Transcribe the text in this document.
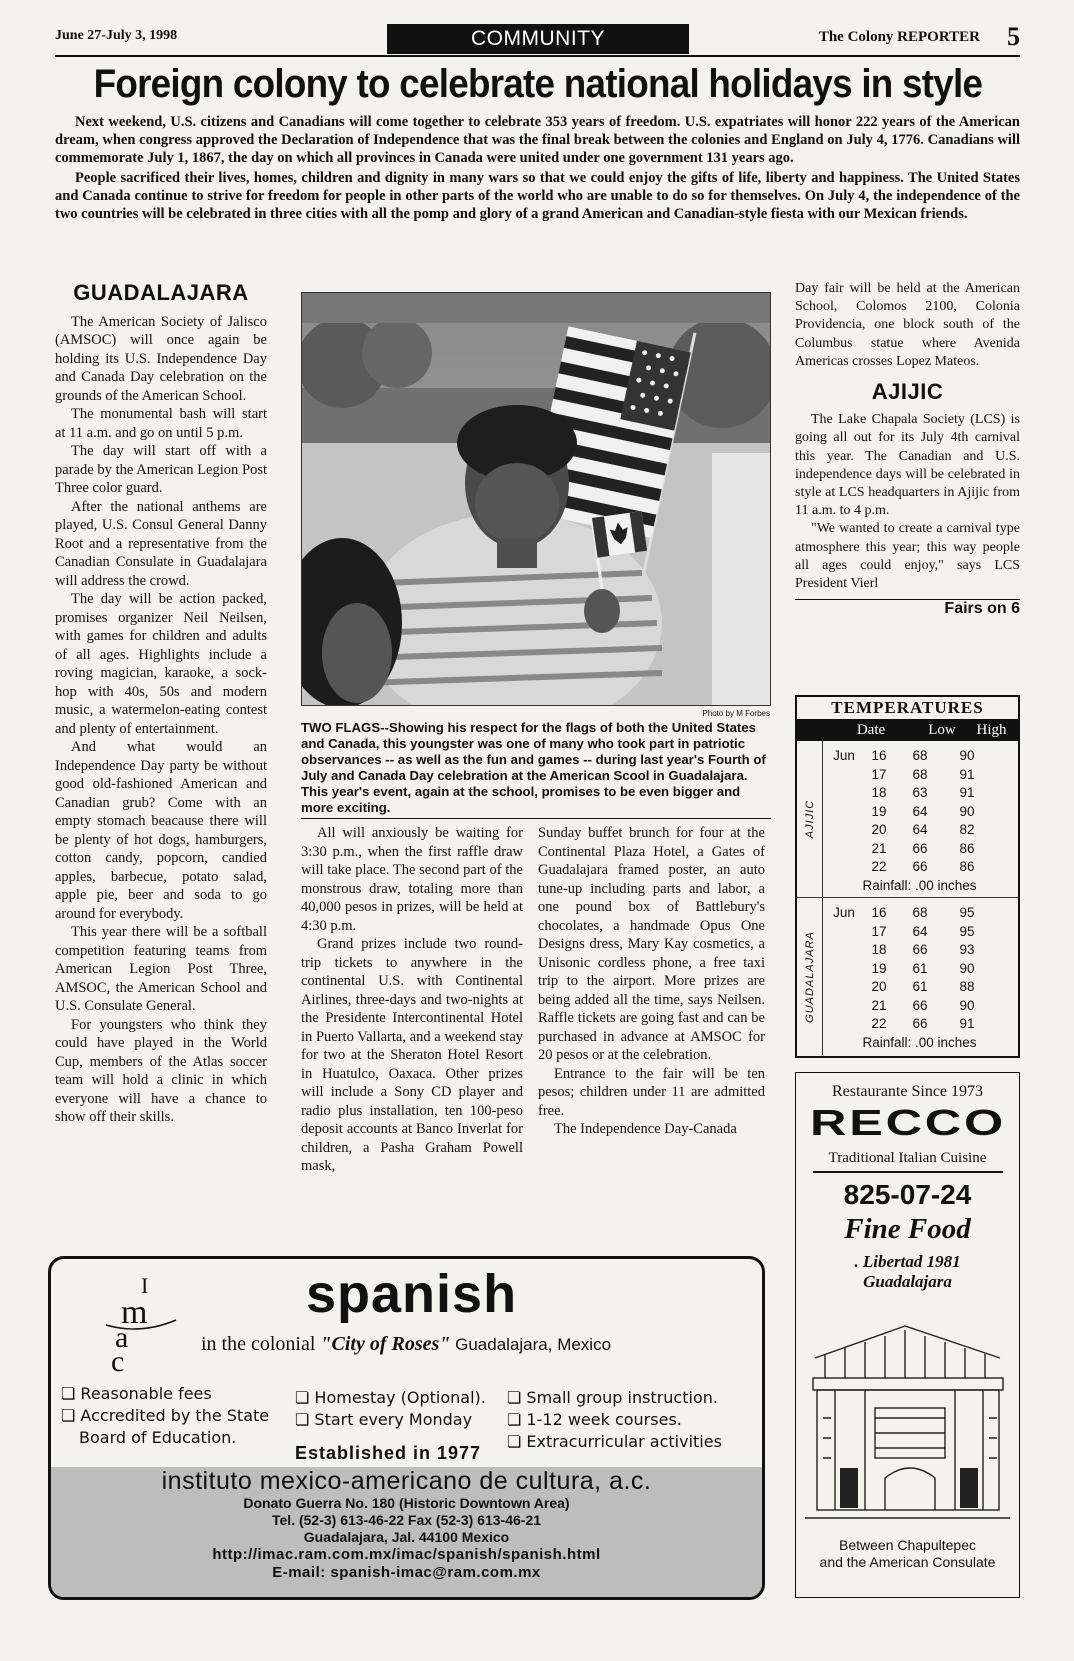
June 27-July 3, 1998	COMMUNITY	The Colony REPORTER 5
Foreign colony to celebrate national holidays in style

Next weekend, U.S. citizens and Canadians will come together to celebrate 353 years of freedom. U.S. expatriates will honor 222 years of the American dream, when congress approved the Declaration of Independence that was the final break between the colonies and England on July 4, 1776. Canadians will commemorate July 1, 1867, the day on which all provinces in Canada were united under one government 131 years ago.

People sacrificed their lives, homes, children and dignity in many wars so that we could enjoy the gifts of life, liberty and happiness. The United States and Canada continue to strive for freedom for people in other parts of the world who are unable to do so for themselves. On July 4, the independence of the two countries will be celebrated in three cities with all the pomp and glory of a grand American and Canadian-style fiesta with our Mexican friends.

GUADALAJARA

The American Society of Jalisco (AMSOC) will once again be holding its U.S. Independence Day and Canada Day celebration on the grounds of the American School.

The monumental bash will start at 11 a.m. and go on until 5 p.m.

The day will start off with a parade by the American Legion Post Three color guard.

After the national anthems are played, U.S. Consul General Danny Root and a representative from the Canadian Consulate in Guadalajara will address the crowd.

The day will be action packed, promises organizer Neil Neilsen, with games for children and adults of all ages. Highlights include a roving magician, karaoke, a sock-hop with 40s, 50s and modern music, a watermelon-eating contest and plenty of entertainment.

And what would an Independence Day party be without good old-fashioned American and Canadian grub? Come with an empty stomach beacause there will be plenty of hot dogs, hamburgers, cotton candy, popcorn, candied apples, barbecue, potato salad, apple pie, beer and soda to go around for everybody.

This year there will be a softball competition featuring teams from American Legion Post Three, AMSOC, the American School and U.S. Consulate General.

For youngsters who think they could have played in the World Cup, members of the Atlas soccer team will hold a clinic in which everyone will have a chance to show off their skills.

Photo by M Forbes
TWO FLAGS--Showing his respect for the flags of both the United States and Canada, this youngster was one of many who took part in patriotic observances -- as well as the fun and games -- during last year's Fourth of July and Canada Day celebration at the American Scool in Guadalajara. This year's event, again at the school, promises to be even bigger and more exciting.

All will anxiously be waiting for 3:30 p.m., when the first raffle draw will take place. The second part of the monstrous draw, totaling more than 40,000 pesos in prizes, will be held at 4:30 p.m.

Grand prizes include two round-trip tickets to anywhere in the continental U.S. with Continental Airlines, three-days and two-nights at the Presidente Intercontinental Hotel in Puerto Vallarta, and a weekend stay for two at the Sheraton Hotel Resort in Huatulco, Oaxaca. Other prizes will include a Sony CD player and radio plus installation, ten 100-peso deposit accounts at Banco Inverlat for children, a Pasha Graham Powell mask,

Sunday buffet brunch for four at the Continental Plaza Hotel, a Gates of Guadalajara framed poster, an auto tune-up including parts and labor, a one pound box of Battlebury's chocolates, a handmade Opus One Designs dress, Mary Kay cosmetics, a Unisonic cordless phone, a free taxi trip to the airport. More prizes are being added all the time, says Neilsen. Raffle tickets are going fast and can be purchased in advance at AMSOC for 20 pesos or at the celebration.

Entrance to the fair will be ten pesos; children under 11 are admitted free.

The Independence Day-Canada

Day fair will be held at the American School, Colomos 2100, Colonia Providencia, one block south of the Columbus statue where Avenida Americas crosses Lopez Mateos.

AJIJIC

The Lake Chapala Society (LCS) is going all out for its July 4th carnival this year. The Canadian and U.S. independence days will be celebrated in style at LCS headquarters in Ajijic from 11 a.m. to 4 p.m.

"We wanted to create a carnival type atmosphere this year; this way people all ages could enjoy," says LCS President Vierl

Fairs on 6
TEMPERATURES
Date	Low	High
AJIJIC
Jun	16	68	90
17	68	91
18	63	91
19	64	90
20	64	82
21	66	86
22	66	86
Rainfall: .00 inches
GUADALAJARA
Jun	16	68	95
17	64	95
18	66	93
19	61	90
20	61	88
21	66	90
22	66	91
Rainfall: .00 inches
Restaurante Since 1973
RECCO
Traditional Italian Cuisine
825-07-24
Fine Food
. Libertad 1981
Guadalajara
Between Chapultepec
and the American Consulate
I
m
a
c
spanish
in the colonial "City of Roses" Guadalajara, Mexico
❏ Reasonable fees
❏ Accredited by the State
Board of Education.
❏ Homestay (Optional).
❏ Start every Monday
❏ Small group instruction.
❏ 1-12 week courses.
❏ Extracurricular activities
Established in 1977
instituto mexico-americano de cultura, a.c.
Donato Guerra No. 180 (Historic Downtown Area)
Tel. (52-3) 613-46-22 Fax (52-3) 613-46-21
Guadalajara, Jal. 44100 Mexico
http://imac.ram.com.mx/imac/spanish/spanish.html
E-mail: spanish-imac@ram.com.mx
